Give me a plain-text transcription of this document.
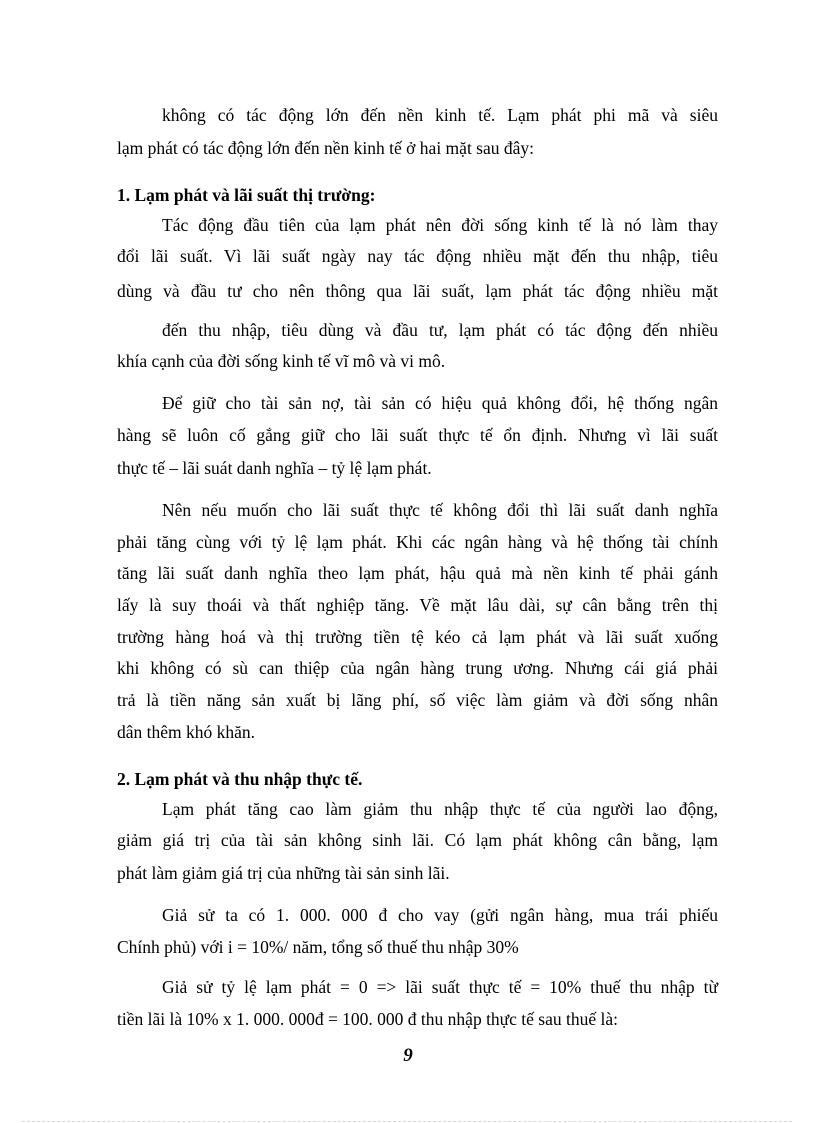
không có tác động lớn đến nền kinh tế. Lạm phát phi mã và siêu
lạm phát có tác động lớn đến nền kinh tế ở hai mặt sau đây:
1. Lạm phát và lãi suất thị trường:
Tác động đầu tiên của lạm phát nên đời sống kinh tế là nó làm thay
đổi lãi suất. Vì lãi suất ngày nay tác động nhiều mặt đến thu nhập, tiêu
dùng và đầu tư cho nên thông qua lãi suất, lạm phát tác động nhiều mặt
đến thu nhập, tiêu dùng và đầu tư, lạm phát có tác động đến nhiều
khía cạnh của đời sống kinh tế vĩ mô và vi mô.
Để giữ cho tài sản nợ, tài sản có hiệu quả không đổi, hệ thống ngân
hàng sẽ luôn cố gắng giữ cho lãi suất thực tế ổn định. Nhưng vì lãi suất
thực tế – lãi suát danh nghĩa – tỷ lệ lạm phát.
Nên nếu muốn cho lãi suất thực tế không đổi thì lãi suất danh nghĩa
phải tăng cùng với tỷ lệ lạm phát. Khi các ngân hàng và hệ thống tài chính
tăng lãi suất danh nghĩa theo lạm phát, hậu quả mà nền kinh tế phải gánh
lấy là suy thoái và thất nghiệp tăng. Về mặt lâu dài, sự cân bằng trên thị
trường hàng hoá và thị trường tiền tệ kéo cả lạm phát và lãi suất xuống
khi không có sù can thiệp của ngân hàng trung ương. Nhưng cái giá phải
trả là tiền năng sản xuất bị lãng phí, số việc làm giảm và đời sống nhân
dân thêm khó khăn.
2. Lạm phát và thu nhập thực tế.
Lạm phát tăng cao làm giảm thu nhập thực tế của người lao động,
giảm giá trị của tài sản không sinh lãi. Có lạm phát không cân bằng, lạm
phát làm giảm giá trị của những tài sản sinh lãi.
Giả sử ta có 1. 000. 000 đ cho vay (gửi ngân hàng, mua trái phiếu
Chính phủ) với i = 10%/ năm, tổng số thuế thu nhập 30%
Giả sử tỷ lệ lạm phát = 0 => lãi suất thực tế = 10% thuế thu nhập từ
tiền lãi là 10% x 1. 000. 000đ = 100. 000 đ thu nhập thực tế sau thuế là:
9
